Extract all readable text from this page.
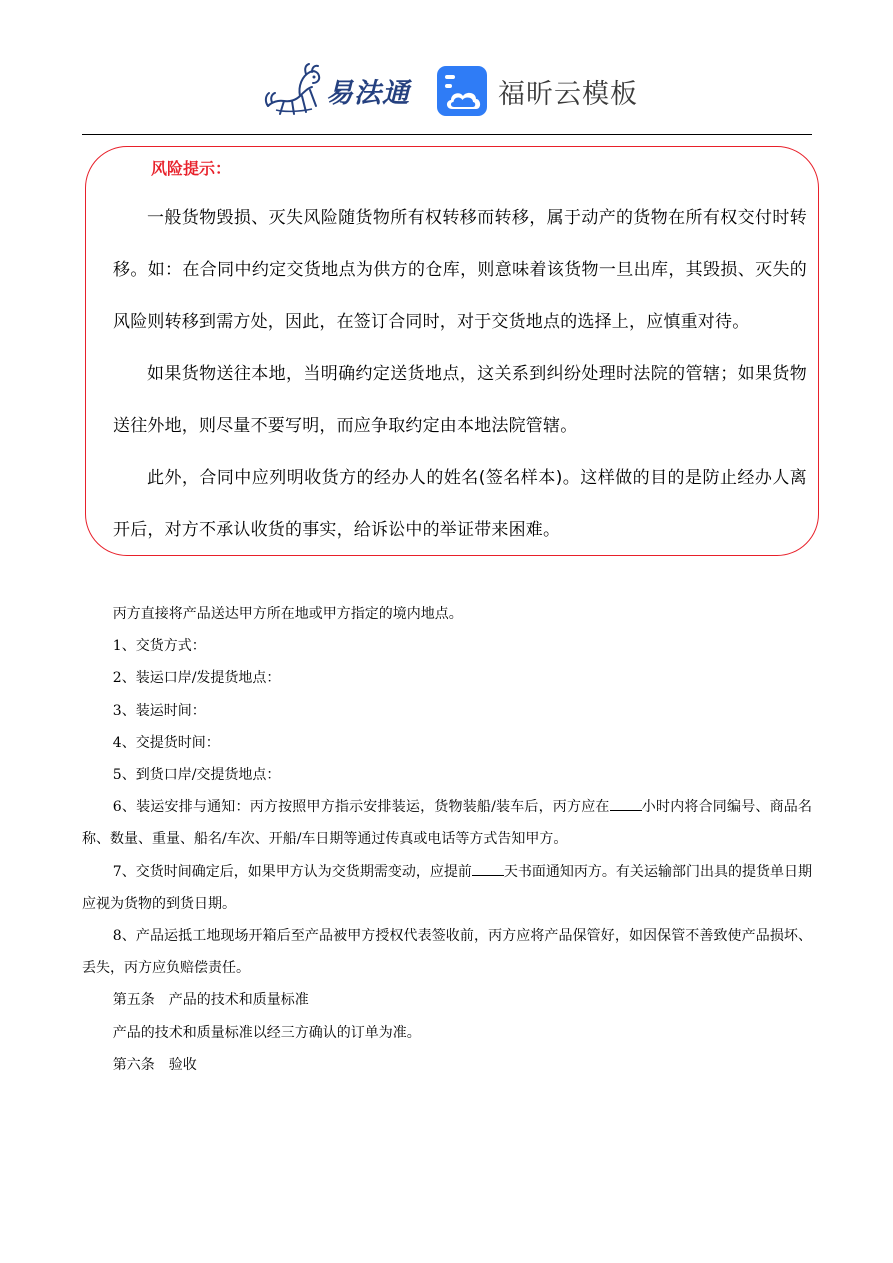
易法通	福昕云模板
风险提示：

一般货物毁损、灭失风险随货物所有权转移而转移，属于动产的货物在所有权交付时转移。如：在合同中约定交货地点为供方的仓库，则意味着该货物一旦出库，其毁损、灭失的风险则转移到需方处，因此，在签订合同时，对于交货地点的选择上，应慎重对待。

如果货物送往本地，当明确约定送货地点，这关系到纠纷处理时法院的管辖；如果货物送往外地，则尽量不要写明，而应争取约定由本地法院管辖。

此外，合同中应列明收货方的经办人的姓名(签名样本)。这样做的目的是防止经办人离开后，对方不承认收货的事实，给诉讼中的举证带来困难。

丙方直接将产品送达甲方所在地或甲方指定的境内地点。

1、交货方式：

2、装运口岸/发提货地点：

3、装运时间：

4、交提货时间：

5、到货口岸/交提货地点：

6、装运安排与通知：丙方按照甲方指示安排装运，货物装船/装车后，丙方应在 小时内将合同编号、商品名称、数量、重量、船名/车次、开船/车日期等通过传真或电话等方式告知甲方。

7、交货时间确定后，如果甲方认为交货期需变动，应提前 天书面通知丙方。有关运输部门出具的提货单日期应视为货物的到货日期。

8、产品运抵工地现场开箱后至产品被甲方授权代表签收前，丙方应将产品保管好，如因保管不善致使产品损坏、丢失，丙方应负赔偿责任。

第五条　产品的技术和质量标准

产品的技术和质量标准以经三方确认的订单为准。

第六条　验收
